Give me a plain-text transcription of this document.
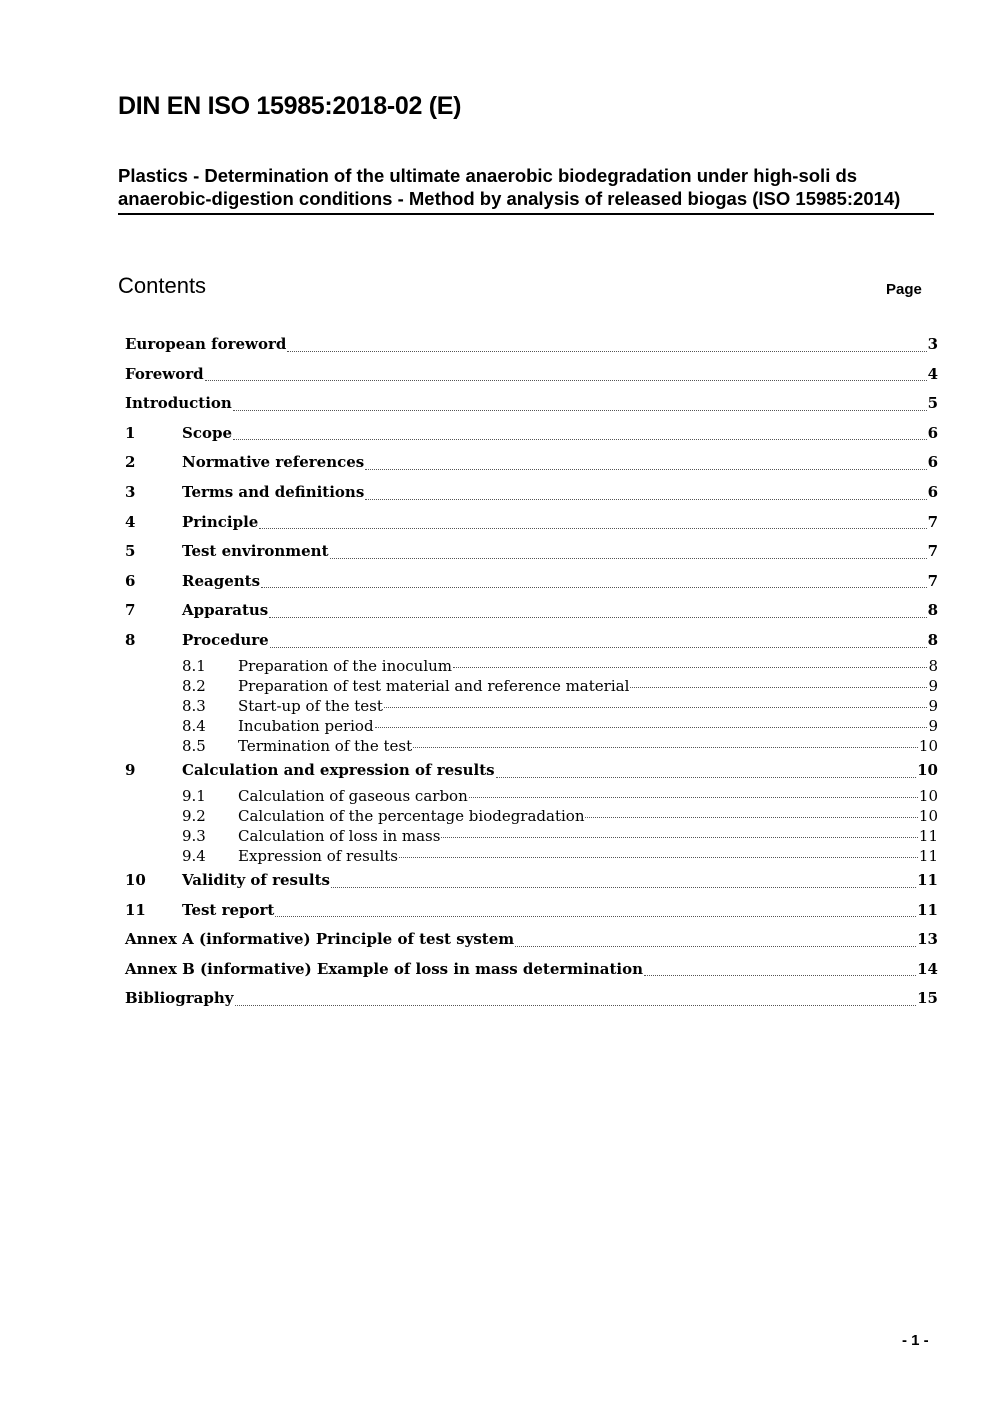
DIN EN ISO 15985:2018-02 (E)
Plastics - Determination of the ultimate anaerobic biodegradation under high-soli ds anaerobic-digestion conditions - Method by analysis of released biogas (ISO 15985:2014)
Contents	Page
European foreword	3
Foreword	4
Introduction	5
1	Scope	6
2	Normative references	6
3	Terms and definitions	6
4	Principle	7
5	Test environment	7
6	Reagents	7
7	Apparatus	8
8	Procedure	8
8.1	Preparation of the inoculum	8
8.2	Preparation of test material and reference material	9
8.3	Start-up of the test	9
8.4	Incubation period	9
8.5	Termination of the test	10
9	Calculation and expression of results	10
9.1	Calculation of gaseous carbon	10
9.2	Calculation of the percentage biodegradation	10
9.3	Calculation of loss in mass	11
9.4	Expression of results	11
10	Validity of results	11
11	Test report	11
Annex A (informative) Principle of test system	13
Annex B (informative) Example of loss in mass determination	14
Bibliography	15
- 1 -
